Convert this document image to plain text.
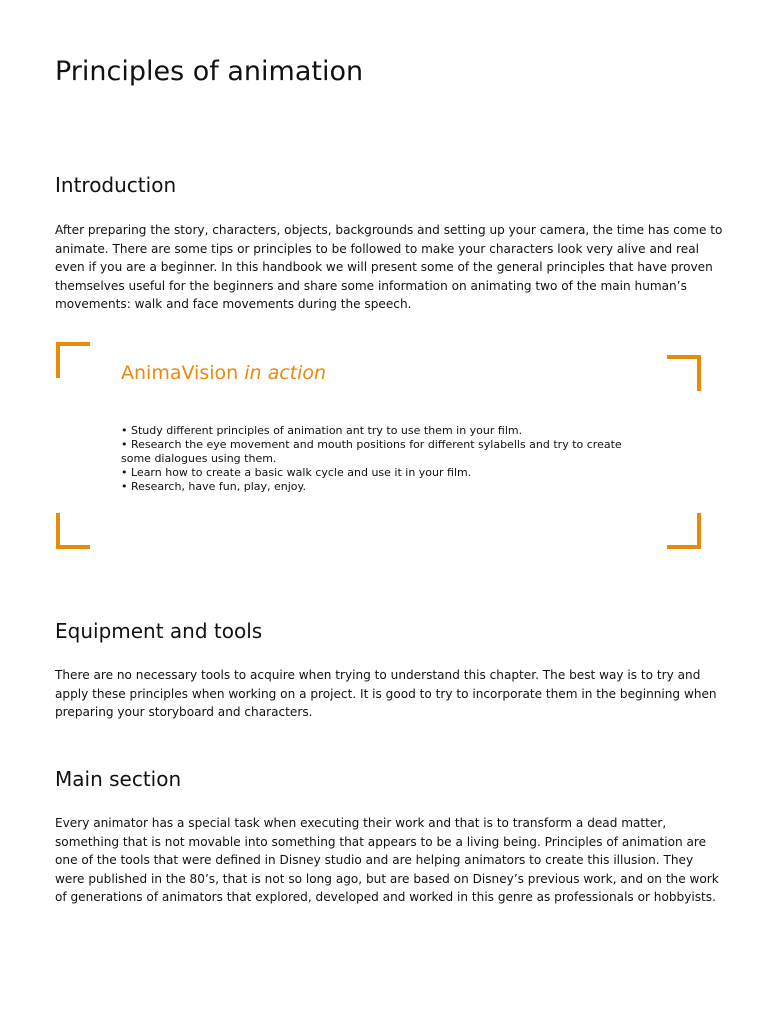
Principles of animation
Introduction

After preparing the story, characters, objects, backgrounds and setting up your camera, the time has come to animate. There are some tips or principles to be followed to make your characters look very alive and real even if you are a beginner. In this handbook we will present some of the general principles that have proven themselves useful for the beginners and share some information on animating two of the main human’s movements: walk and face movements during the speech.

AnimaVision in action
• Study different principles of animation ant try to use them in your film.
• Research the eye movement and mouth positions for different sylabells and try to create some dialogues using them.
• Learn how to create a basic walk cycle and use it in your film.
• Research, have fun, play, enjoy.
Equipment and tools

There are no necessary tools to acquire when trying to understand this chapter. The best way is to try and apply these principles when working on a project. It is good to try to incorporate them in the beginning when preparing your storyboard and characters.

Main section

Every animator has a special task when executing their work and that is to transform a dead matter, something that is not movable into something that appears to be a living being. Principles of animation are one of the tools that were defined in Disney studio and are helping animators to create this illusion. They were published in the 80’s, that is not so long ago, but are based on Disney’s previous work, and on the work of generations of animators that explored, developed and worked in this genre as professionals or hobbyists.
